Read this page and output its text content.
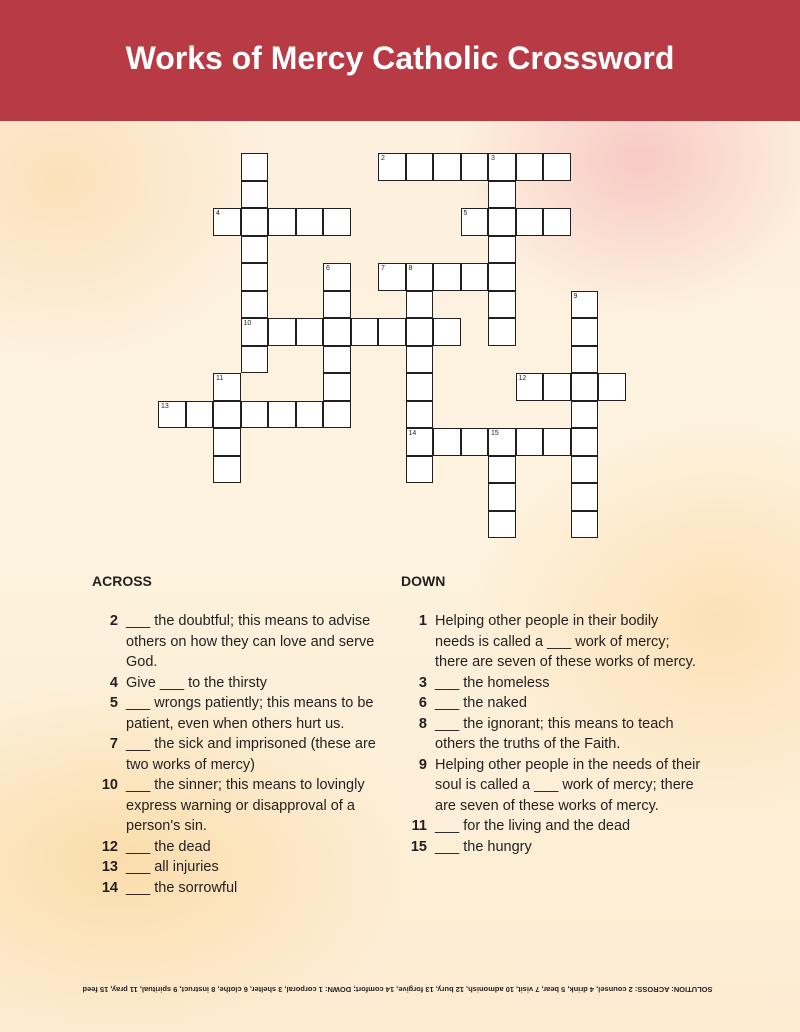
Works of Mercy Catholic Crossword
10
2	3
4	5
6	7	8
14
9
11	12
13
15
ACROSS	DOWN
2 ___ the doubtful; this means to advise others on how they can love and serve God.
4 Give ___ to the thirsty
5 ___ wrongs patiently; this means to be patient, even when others hurt us.
7 ___ the sick and imprisoned (these are two works of mercy)
10 ___ the sinner; this means to lovingly express warning or disapproval of a person's sin.
12 ___ the dead
13 ___ all injuries
14 ___ the sorrowful
1 Helping other people in their bodily needs is called a ___ work of mercy; there are seven of these works of mercy.
3 ___ the homeless
6 ___ the naked
8 ___ the ignorant; this means to teach others the truths of the Faith.
9 Helping other people in the needs of their soul is called a ___ work of mercy; there are seven of these works of mercy.
11 ___ for the living and the dead
15 ___ the hungry
SOLUTION: ACROSS: 2 counsel, 4 drink, 5 bear, 7 visit, 10 admonish, 12 bury, 13 forgive, 14 comfort; DOWN: 1 corporal, 3 shelter, 6 clothe, 8 instruct, 9 spiritual, 11 pray, 15 feed
